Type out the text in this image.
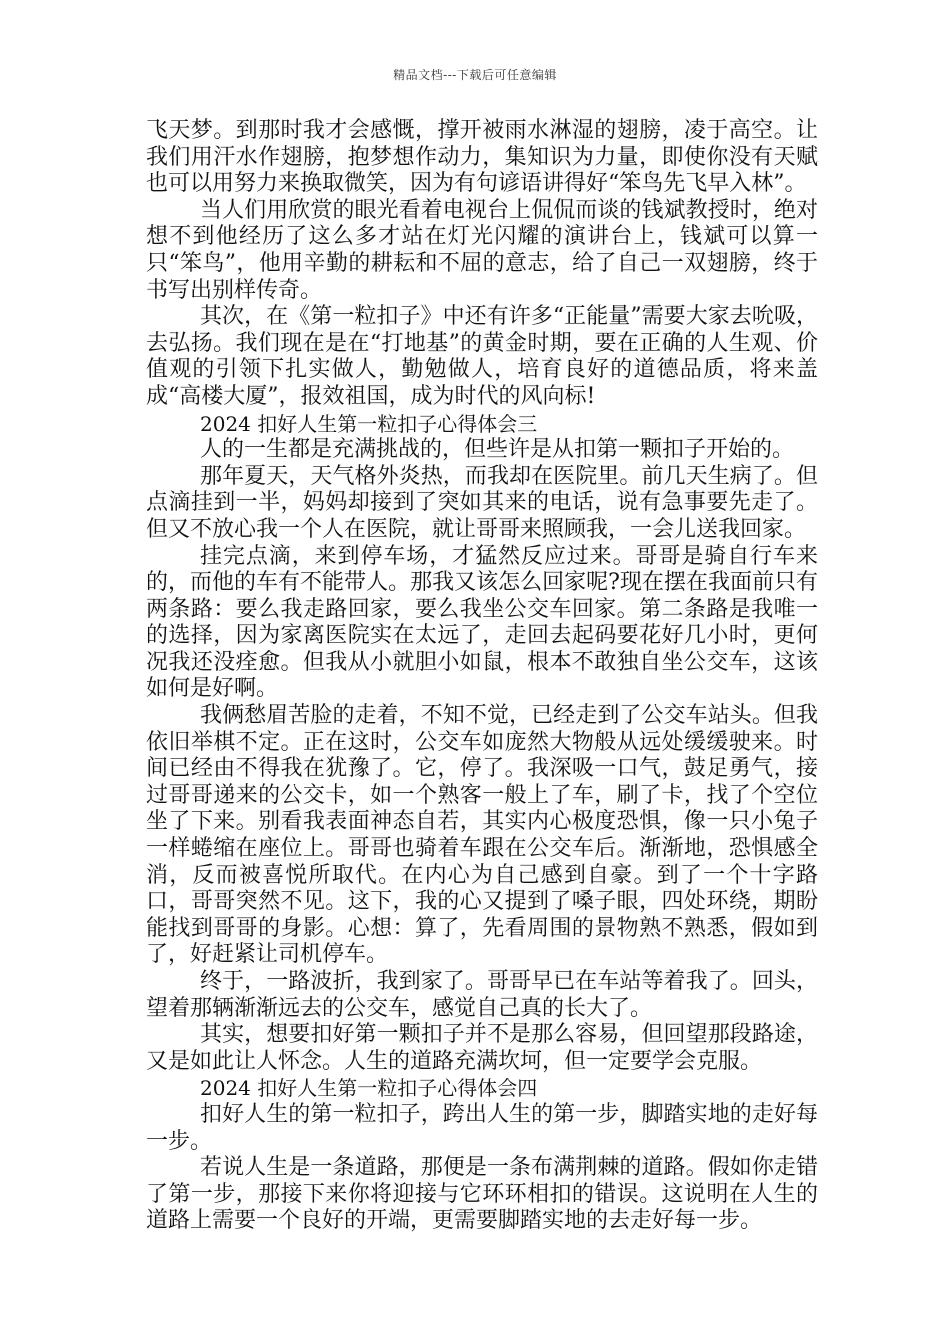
精品文档---下载后可任意编辑

飞天梦。到那时我才会感慨，撑开被雨水淋湿的翅膀，凌于高空。让我们用汗水作翅膀，抱梦想作动力，集知识为力量，即使你没有天赋也可以用努力来换取微笑，因为有句谚语讲得好“笨鸟先飞早入林”。

当人们用欣赏的眼光看着电视台上侃侃而谈的钱斌教授时，绝对想不到他经历了这么多才站在灯光闪耀的演讲台上，钱斌可以算一只“笨鸟”，他用辛勤的耕耘和不屈的意志，给了自己一双翅膀，终于书写出别样传奇。

其次，在《第一粒扣子》中还有许多“正能量”需要大家去吮吸，去弘扬。我们现在是在“打地基”的黄金时期，要在正确的人生观、价值观的引领下扎实做人，勤勉做人，培育良好的道德品质，将来盖成“高楼大厦”，报效祖国，成为时代的风向标!

2024 扣好人生第一粒扣子心得体会三

人的一生都是充满挑战的，但些许是从扣第一颗扣子开始的。

那年夏天，天气格外炎热，而我却在医院里。前几天生病了。但点滴挂到一半，妈妈却接到了突如其来的电话，说有急事要先走了。但又不放心我一个人在医院，就让哥哥来照顾我，一会儿送我回家。

挂完点滴，来到停车场，才猛然反应过来。哥哥是骑自行车来的，而他的车有不能带人。那我又该怎么回家呢?现在摆在我面前只有两条路：要么我走路回家，要么我坐公交车回家。第二条路是我唯一的选择，因为家离医院实在太远了，走回去起码要花好几小时，更何况我还没痊愈。但我从小就胆小如鼠，根本不敢独自坐公交车，这该如何是好啊。

我俩愁眉苦脸的走着，不知不觉，已经走到了公交车站头。但我依旧举棋不定。正在这时，公交车如庞然大物般从远处缓缓驶来。时间已经由不得我在犹豫了。它，停了。我深吸一口气，鼓足勇气，接过哥哥递来的公交卡，如一个熟客一般上了车，刷了卡，找了个空位坐了下来。别看我表面神态自若，其实内心极度恐惧，像一只小兔子一样蜷缩在座位上。哥哥也骑着车跟在公交车后。渐渐地，恐惧感全消，反而被喜悦所取代。在内心为自己感到自豪。到了一个十字路口，哥哥突然不见。这下，我的心又提到了嗓子眼，四处环绕，期盼能找到哥哥的身影。心想：算了，先看周围的景物熟不熟悉，假如到了，好赶紧让司机停车。

终于，一路波折，我到家了。哥哥早已在车站等着我了。回头，望着那辆渐渐远去的公交车，感觉自己真的长大了。

其实，想要扣好第一颗扣子并不是那么容易，但回望那段路途，又是如此让人怀念。人生的道路充满坎坷，但一定要学会克服。

2024 扣好人生第一粒扣子心得体会四

扣好人生的第一粒扣子，跨出人生的第一步，脚踏实地的走好每一步。

若说人生是一条道路，那便是一条布满荆棘的道路。假如你走错了第一步，那接下来你将迎接与它环环相扣的错误。这说明在人生的道路上需要一个良好的开端，更需要脚踏实地的去走好每一步。
